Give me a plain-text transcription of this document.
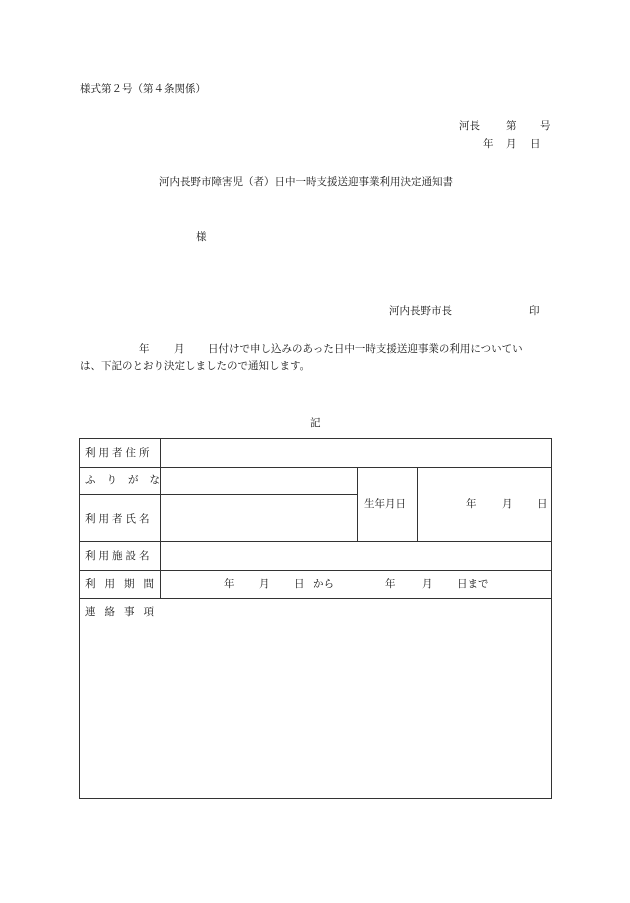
様式第２号（第４条関係）
河長 第 号
年 月 日
河内長野市障害児（者）日中一時支援送迎事業利用決定通知書
様
河内長野市長	印
年 月 日付けで申し込みのあった日中一時支援送迎事業の利用についてい
は、下記のとおり決定しましたので通知します。
記
利用者住所
ふりがな
利用者氏名
生年月日	年 月 日
利用施設名
利用期間	年 月 日 から	年	月 日まで
連絡事項
